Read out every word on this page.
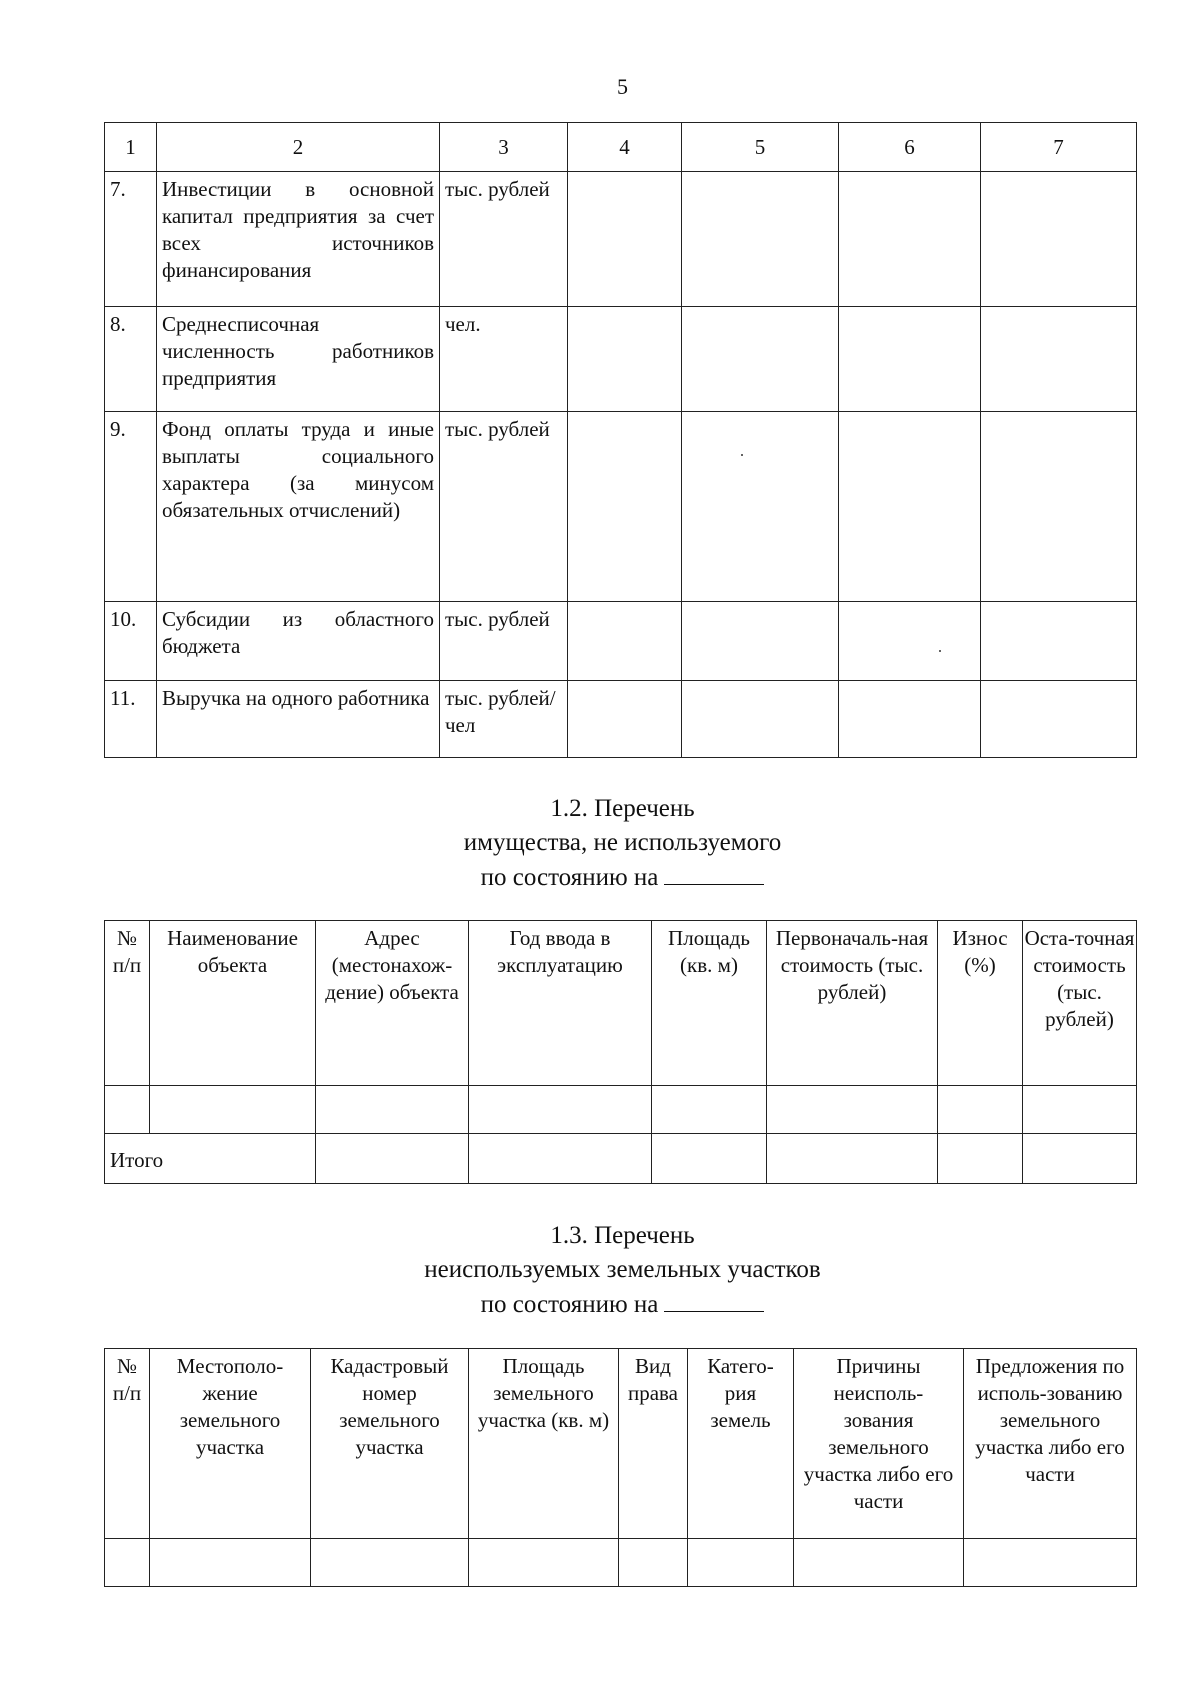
5
1	2	3	4	5	6	7
7.	Инвестиции в основной капитал предприятия за счет всех источников финансирования	тыс. рублей				
8.	Среднесписочная численность работников предприятия	чел.				
9.	Фонд оплаты труда и иные выплаты социального характера (за минусом обязательных отчислений)	тыс. рублей				
10.	Субсидии из областного бюджета	тыс. рублей				
11.	Выручка на одного работника	тыс. рублей/чел				
1.2. Перечень
имущества, не используемого
по состоянию на
№ п/п	Наименование объекта	Адрес (местонахож-дение) объекта	Год ввода в эксплуатацию	Площадь (кв. м)	Первоначаль-ная стоимость (тыс. рублей)	Износ (%)	Оста-точная стоимость (тыс. рублей)

Итого							
1.3. Перечень
неиспользуемых земельных участков
по состоянию на
№ п/п	Местополо-жение земельного участка	Кадастровый номер земельного участка	Площадь земельного участка (кв. м)	Вид права	Катего-рия земель	Причины неисполь-зования земельного участка либо его части	Предложения по исполь-зованию земельного участка либо его части
